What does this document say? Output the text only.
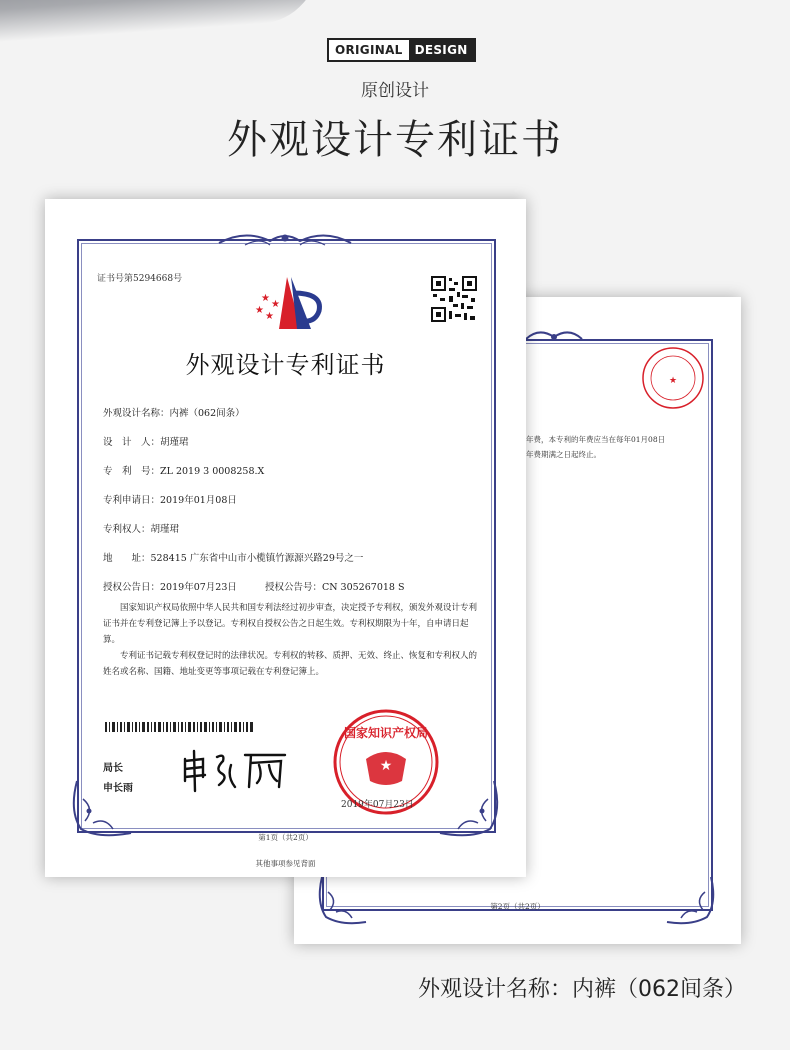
ORIGINAL	DESIGN
原创设计
外观设计专利证书
★
年费，本专利的年费应当在每年01月08日
年费期满之日起终止。
第2页（共2页）
证书号第5294668号
★
★
★
★
外观设计专利证书
外观设计名称：内裤（062间条）
设　计　人：胡瑾珺
专　利　号：ZL 2019 3 0008258.X
专利申请日：2019年01月08日
专利权人：胡瑾珺
地　　址：528415 广东省中山市小榄镇竹源源兴路29号之一
授权公告日：2019年07月23日	授权公告号：CN 305267018 S

国家知识产权局依照中华人民共和国专利法经过初步审查，决定授予专利权，颁发外观设计专利证书并在专利登记簿上予以登记。专利权自授权公告之日起生效。专利权期限为十年，自申请日起算。

专利证书记载专利权登记时的法律状况。专利权的转移、质押、无效、终止、恢复和专利权人的姓名或名称、国籍、地址变更等事项记载在专利登记簿上。

局长
申长雨
★
国家知识产权局
2019年07月23日
第1页（共2页）
其他事项参见背面
外观设计名称：内裤（062间条）
